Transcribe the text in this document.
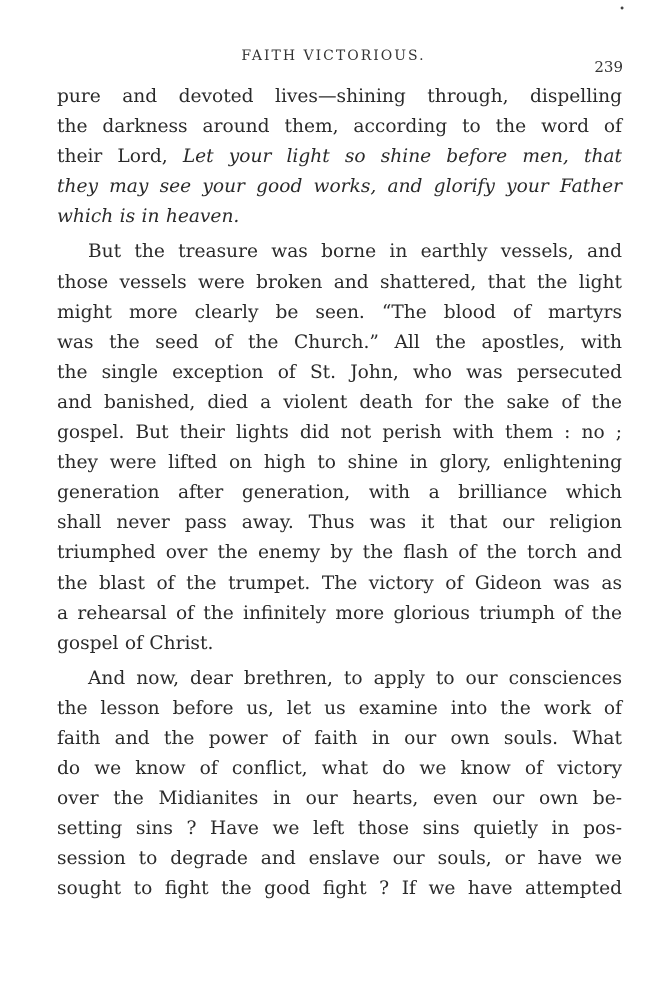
•
FAITH VICTORIOUS.
239
pure and devoted lives—shining through, dispelling
the darkness around them, according to the word of
their Lord, Let your light so shine before men, that
they may see your good works, and glorify your Father
which is in heaven.
But the treasure was borne in earthly vessels, and
those vessels were broken and shattered, that the light
might more clearly be seen. “The blood of martyrs
was the seed of the Church.” All the apostles, with
the single exception of St. John, who was persecuted
and banished, died a violent death for the sake of the
gospel. But their lights did not perish with them : no ;
they were lifted on high to shine in glory, enlightening
generation after generation, with a brilliance which
shall never pass away. Thus was it that our religion
triumphed over the enemy by the flash of the torch and
the blast of the trumpet. The victory of Gideon was as
a rehearsal of the infinitely more glorious triumph of the
gospel of Christ.
And now, dear brethren, to apply to our consciences
the lesson before us, let us examine into the work of
faith and the power of faith in our own souls. What
do we know of conflict, what do we know of victory
over the Midianites in our hearts, even our own be-
setting sins ? Have we left those sins quietly in pos-
session to degrade and enslave our souls, or have we
sought to fight the good fight ? If we have attempted
